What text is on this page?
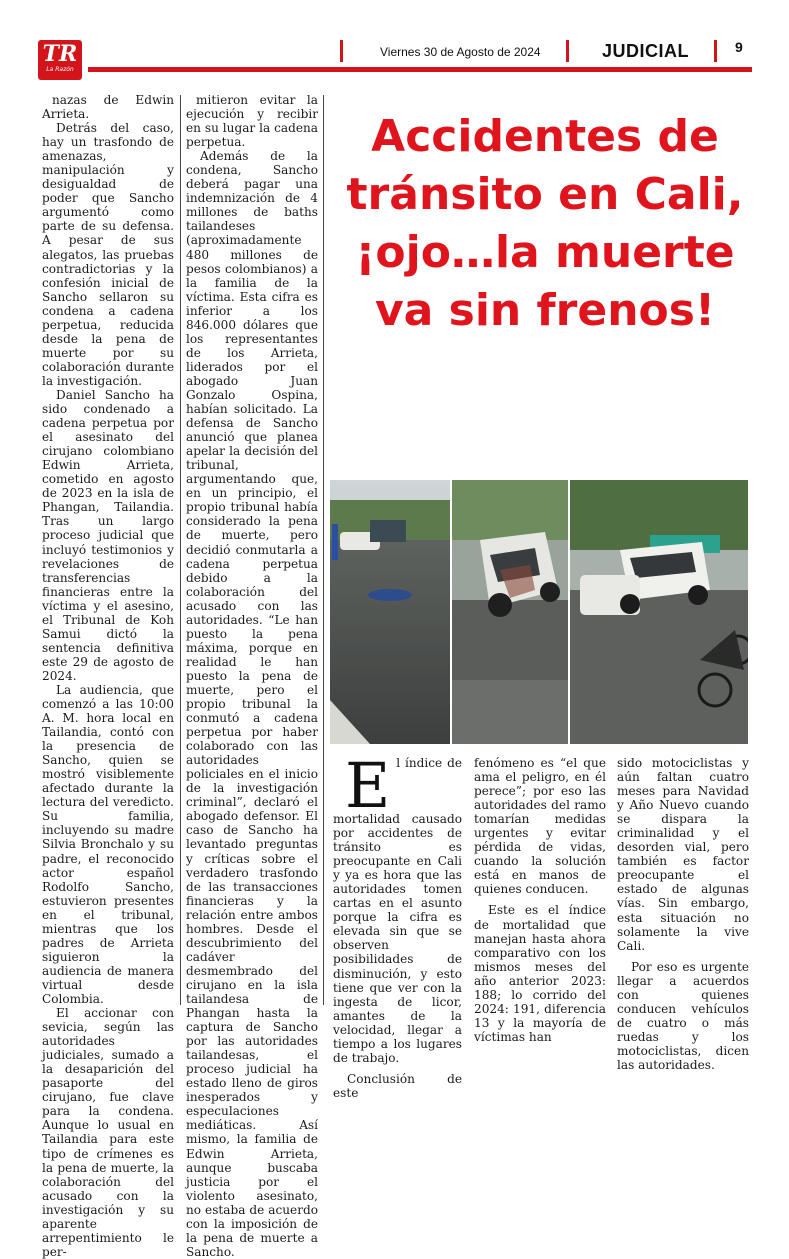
TR
La Razón
Viernes 30 de Agosto de 2024	JUDICIAL	9

nazas de Edwin Arrieta.

Detrás del caso, hay un trasfondo de amenazas, manipulación y desigualdad de poder que Sancho argumentó como parte de su defensa. A pesar de sus alegatos, las pruebas contradictorias y la confesión inicial de Sancho sellaron su condena a cadena perpetua, reducida desde la pena de muerte por su colaboración durante la investigación.

Daniel Sancho ha sido condenado a cadena perpetua por el asesinato del cirujano colombiano Edwin Arrieta, cometido en agosto de 2023 en la isla de Phangan, Tailandia. Tras un largo proceso judicial que incluyó testimonios y revelaciones de transferencias financieras entre la víctima y el asesino, el Tribunal de Koh Samui dictó la sentencia definitiva este 29 de agosto de 2024.

La audiencia, que comenzó a las 10:00 A. M. hora local en Tailandia, contó con la presencia de Sancho, quien se mostró visiblemente afectado durante la lectura del veredicto. Su familia, incluyendo su madre Silvia Bronchalo y su padre, el reconocido actor español Rodolfo Sancho, estuvieron presentes en el tribunal, mientras que los padres de Arrieta siguieron la audiencia de manera virtual desde Colombia.

El accionar con sevicia, según las autoridades judiciales, sumado a la desaparición del pasaporte del cirujano, fue clave para la condena. Aunque lo usual en Tailandia para este tipo de crímenes es la pena de muerte, la colaboración del acusado con la investigación y su aparente arrepentimiento le per-

mitieron evitar la ejecución y recibir en su lugar la cadena perpetua.

Además de la condena, Sancho deberá pagar una indemnización de 4 millones de baths tailandeses (aproximadamente 480 millones de pesos colombianos) a la familia de la víctima. Esta cifra es inferior a los 846.000 dólares que los representantes de los Arrieta, liderados por el abogado Juan Gonzalo Ospina, habían solicitado. La defensa de Sancho anunció que planea apelar la decisión del tribunal, argumentando que, en un principio, el propio tribunal había considerado la pena de muerte, pero decidió conmutarla a cadena perpetua debido a la colaboración del acusado con las autoridades. “Le han puesto la pena máxima, porque en realidad le han puesto la pena de muerte, pero el propio tribunal la conmutó a cadena perpetua por haber colaborado con las autoridades policiales en el inicio de la investigación criminal”, declaró el abogado defensor. El caso de Sancho ha levantado preguntas y críticas sobre el verdadero trasfondo de las transacciones financieras y la relación entre ambos hombres. Desde el descubrimiento del cadáver desmembrado del cirujano en la isla tailandesa de Phangan hasta la captura de Sancho por las autoridades tailandesas, el proceso judicial ha estado lleno de giros inesperados y especulaciones mediáticas. Así mismo, la familia de Edwin Arrieta, aunque buscaba justicia por el violento asesinato, no estaba de acuerdo con la imposición de la pena de muerte a Sancho.

Accidentes de tránsito en Cali, ¡ojo…la muerte va sin frenos!
E l índice de mortalidad causado por accidentes de tránsito es preocupante en Cali y ya es hora que las autoridades tomen cartas en el asunto porque la cifra es elevada sin que se observen posibilidades de disminución, y esto tiene que ver con la ingesta de licor, amantes de la velocidad, llegar a tiempo a los lugares de trabajo.

Conclusión de este

fenómeno es “el que ama el peligro, en él perece”; por eso las autoridades del ramo tomarían medidas urgentes y evitar pérdida de vidas, cuando la solución está en manos de quienes conducen.

Este es el índice de mortalidad que manejan hasta ahora comparativo con los mismos meses del año anterior 2023: 188; lo corrido del 2024: 191, diferencia 13 y la mayoría de víctimas han

sido motociclistas y aún faltan cuatro meses para Navidad y Año Nuevo cuando se dispara la criminalidad y el desorden vial, pero también es factor preocupante el estado de algunas vías. Sin embargo, esta situación no solamente la vive Cali.

Por eso es urgente llegar a acuerdos con quienes conducen vehículos de cuatro o más ruedas y los motociclistas, dicen las autoridades.
